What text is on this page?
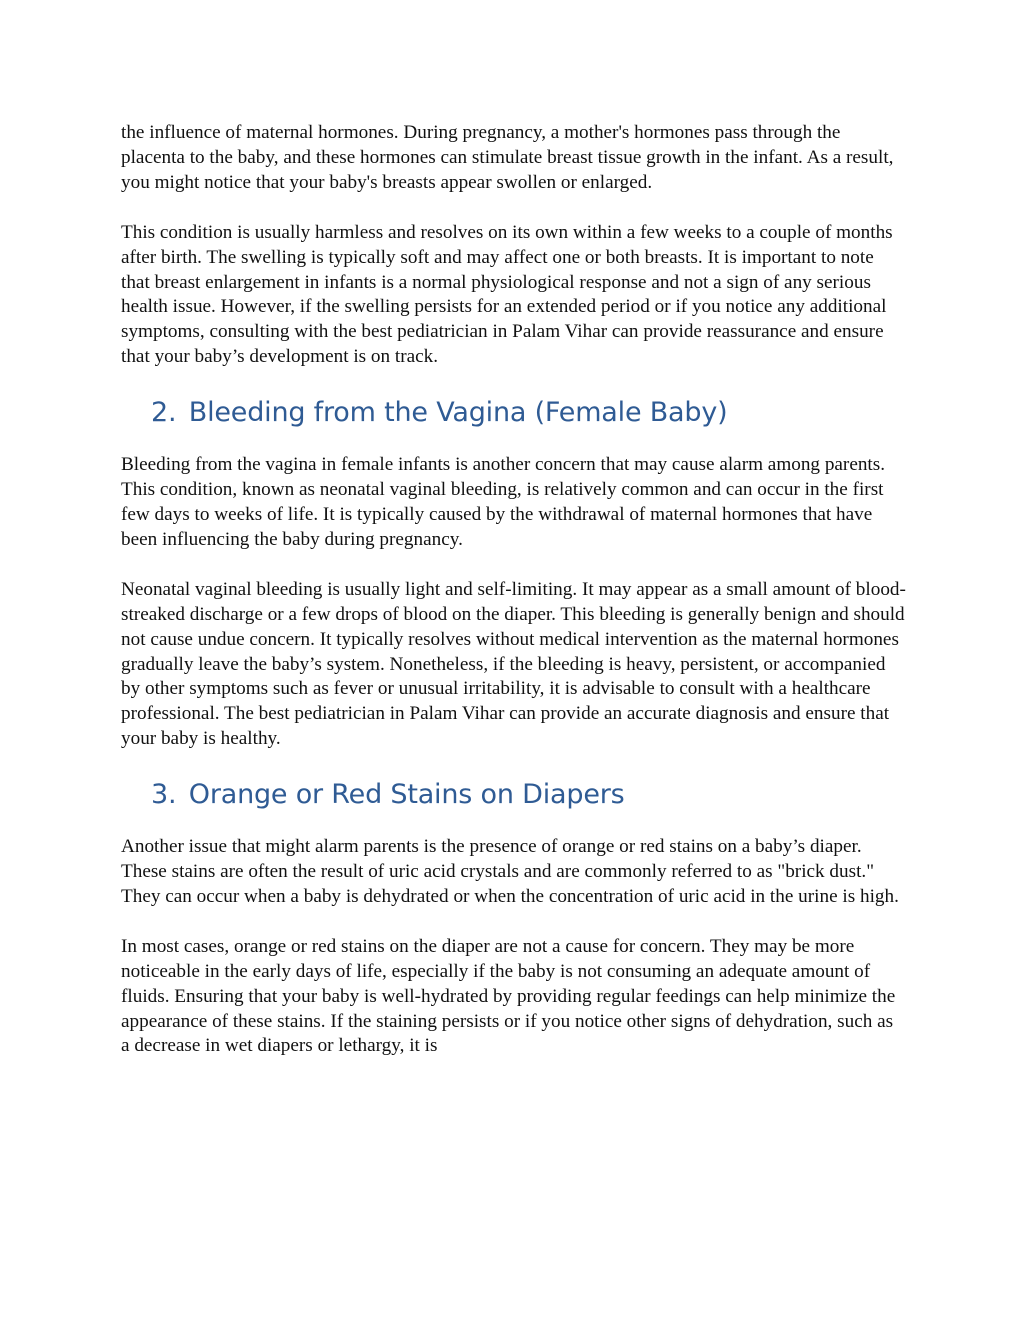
the influence of maternal hormones. During pregnancy, a mother's hormones pass through the placenta to the baby, and these hormones can stimulate breast tissue growth in the infant. As a result, you might notice that your baby's breasts appear swollen or enlarged.

This condition is usually harmless and resolves on its own within a few weeks to a couple of months after birth. The swelling is typically soft and may affect one or both breasts. It is important to note that breast enlargement in infants is a normal physiological response and not a sign of any serious health issue. However, if the swelling persists for an extended period or if you notice any additional symptoms, consulting with the best pediatrician in Palam Vihar can provide reassurance and ensure that your baby’s development is on track.

2. Bleeding from the Vagina (Female Baby)

Bleeding from the vagina in female infants is another concern that may cause alarm among parents. This condition, known as neonatal vaginal bleeding, is relatively common and can occur in the first few days to weeks of life. It is typically caused by the withdrawal of maternal hormones that have been influencing the baby during pregnancy.

Neonatal vaginal bleeding is usually light and self-limiting. It may appear as a small amount of blood-streaked discharge or a few drops of blood on the diaper. This bleeding is generally benign and should not cause undue concern. It typically resolves without medical intervention as the maternal hormones gradually leave the baby’s system. Nonetheless, if the bleeding is heavy, persistent, or accompanied by other symptoms such as fever or unusual irritability, it is advisable to consult with a healthcare professional. The best pediatrician in Palam Vihar can provide an accurate diagnosis and ensure that your baby is healthy.

3. Orange or Red Stains on Diapers

Another issue that might alarm parents is the presence of orange or red stains on a baby’s diaper. These stains are often the result of uric acid crystals and are commonly referred to as "brick dust." They can occur when a baby is dehydrated or when the concentration of uric acid in the urine is high.

In most cases, orange or red stains on the diaper are not a cause for concern. They may be more noticeable in the early days of life, especially if the baby is not consuming an adequate amount of fluids. Ensuring that your baby is well-hydrated by providing regular feedings can help minimize the appearance of these stains. If the staining persists or if you notice other signs of dehydration, such as a decrease in wet diapers or lethargy, it is
